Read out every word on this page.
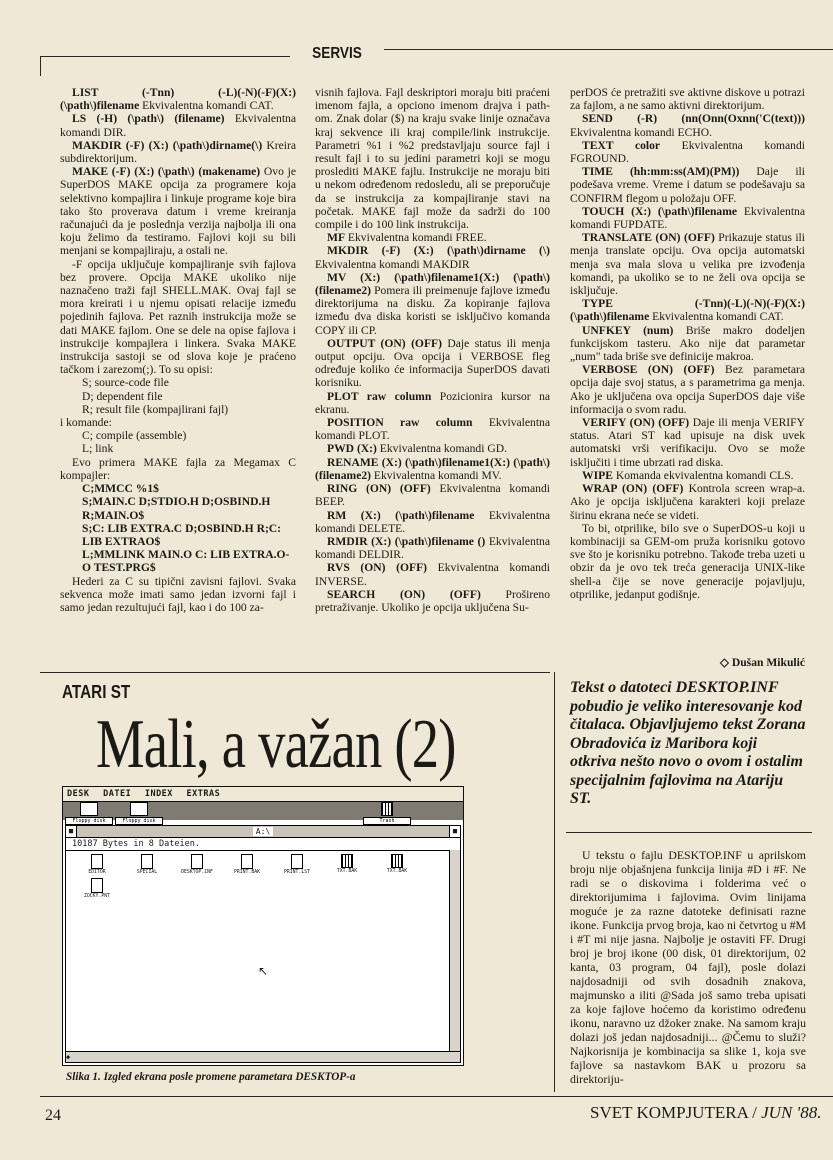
SERVIS

LIST (-Tnn) (-L)(-N)(-F)(X:) (\path\)filename Ekvivalentna komandi CAT.

LS (-H) (\path\) (filename) Ekvivalentna komandi DIR.

MAKDIR (-F) (X:) (\path\)dirname(\) Kreira subdirektorijum.

MAKE (-F) (X:) (\path\) (makename) Ovo je SuperDOS MAKE opcija za programere koja selektivno kompajlira i linkuje programe koje bira tako što proverava datum i vreme kreiranja računajući da je poslednja verzija najbolja ili ona koju želimo da testiramo. Fajlovi koji su bili menjani se kompajliraju, a ostali ne.

-F opcija uključuje kompajliranje svih fajlova bez provere. Opcija MAKE ukoliko nije naznačeno traži fajl SHELL.MAK. Ovaj fajl se mora kreirati i u njemu opisati relacije između pojedinih fajlova. Pet raznih instrukcija može se dati MAKE fajlom. One se dele na opise fajlova i instrukcije kompajlera i linkera. Svaka MAKE instrukcija sastoji se od slova koje je praćeno tačkom i zarezom(;). To su opisi:

S; source-code file

D; dependent file

R; result file (kompajlirani fajl)

i komande:

C; compile (assemble)

L; link

Evo primera MAKE fajla za Megamax C kompajler:

C;MMCC %1$

S;MAIN.C D;STDIO.H D;OSBIND.H R;MAIN.O$

S;C: LIB EXTRA.C D;OSBIND.H R;C: LIB EXTRAO$

L;MMLINK MAIN.O C: LIB EXTRA.O-O TEST.PRG$

Hederi za C su tipični zavisni fajlovi. Svaka sekvenca može imati samo jedan izvorni fajl i samo jedan rezultujući fajl, kao i do 100 za-

visnih fajlova. Fajl deskriptori moraju biti praćeni imenom fajla, a opciono imenom drajva i path-om. Znak dolar ($) na kraju svake linije označava kraj sekvence ili kraj compile/link instrukcije. Parametri %1 i %2 predstavljaju source fajl i result fajl i to su jedini parametri koji se mogu proslediti MAKE fajlu. Instrukcije ne moraju biti u nekom određenom redosledu, ali se preporučuje da se instrukcija za kompajliranje stavi na početak. MAKE fajl može da sadrži do 100 compile i do 100 link instrukcija.

MF Ekvivalentna komandi FREE.

MKDIR (-F) (X:) (\path\)dirname (\) Ekvivalentna komandi MAKDIR

MV (X:) (\path\)filename1(X:) (\path\) (filename2) Pomera ili preimenuje fajlove između direktorijuma na disku. Za kopiranje fajlova između dva diska koristi se isključivo komanda COPY ili CP.

OUTPUT (ON) (OFF) Daje status ili menja output opciju. Ova opcija i VERBOSE fleg određuje koliko će informacija SuperDOS davati korisniku.

PLOT raw column Pozicionira kursor na ekranu.

POSITION raw column Ekvivalentna komandi PLOT.

PWD (X:) Ekvivalentna komandi GD.

RENAME (X:) (\path\)filename1(X:) (\path\)(filename2) Ekvivalentna komandi MV.

RING (ON) (OFF) Ekvivalentna komandi BEEP.

RM (X:) (\path\)filename Ekvivalentna komandi DELETE.

RMDIR (X:) (\path\)filename () Ekvivalentna komandi DELDIR.

RVS (ON) (OFF) Ekvivalentna komandi INVERSE.

SEARCH (ON) (OFF) Prošireno pretraživanje. Ukoliko je opcija uključena Su-

perDOS će pretražiti sve aktivne diskove u potrazi za fajlom, a ne samo aktivni direktorijum.

SEND (-R) (nn(Onn(Oxnn('C(text))) Ekvivalentna komandi ECHO.

TEXT color Ekvivalentna komandi FGROUND.

TIME (hh:mm:ss(AM)(PM)) Daje ili podešava vreme. Vreme i datum se podešavaju sa CONFIRM flegom u položaju OFF.

TOUCH (X:) (\path\)filename Ekvivalentna komandi FUPDATE.

TRANSLATE (ON) (OFF) Prikazuje status ili menja translate opciju. Ova opcija automatski menja sva mala slova u velika pre izvođenja komandi, pa ukoliko se to ne želi ova opcija se isključuje.

TYPE (-Tnn)(-L)(-N)(-F)(X:)(\path\)filename Ekvivalentna komandi CAT.

UNFKEY (num) Briše makro dodeljen funkcijskom tasteru. Ako nije dat parametar „num" tada briše sve definicije makroa.

VERBOSE (ON) (OFF) Bez parametara opcija daje svoj status, a s parametrima ga menja. Ako je uključena ova opcija SuperDOS daje više informacija o svom radu.

VERIFY (ON) (OFF) Daje ili menja VERIFY status. Atari ST kad upisuje na disk uvek automatski vrši verifikaciju. Ovo se može isključiti i time ubrzati rad diska.

WIPE Komanda ekvivalentna komandi CLS.

WRAP (ON) (OFF) Kontrola screen wrap-a. Ako je opcija isključena karakteri koji prelaze širinu ekrana neće se videti.

To bi, otprilike, bilo sve o SuperDOS-u koji u kombinaciji sa GEM-om pruža korisniku gotovo sve što je korisniku potrebno. Takođe treba uzeti u obzir da je ovo tek treća generacija UNIX-like shell-a čije se nove generacije pojavljuju, otprilike, jedanput godišnje.

◇ Dušan Mikulić
ATARI ST
Mali, a važan (2)
Tekst o datoteci DESKTOP.INF pobudio je veliko interesovanje kod čitalaca. Objavljujemo tekst Zorana Obradovića iz Maribora koji otkriva nešto novo o ovom i ostalim specijalnim fajlovima na Atariju ST.
U tekstu o fajlu DESKTOP.INF u aprilskom broju nije objašnjena funkcija linija #D i #F. Ne radi se o diskovima i folderima već o direktorijumima i fajlovima. Ovim linijama moguće je za razne datoteke definisati razne ikone. Funkcija prvog broja, kao ni četvrtog u #M i #T mi nije jasna. Najbolje je ostaviti FF. Drugi broj je broj ikone (00 disk, 01 direktorijum, 02 kanta, 03 program, 04 fajl), posle dolazi najdosadniji od svih dosadnih znakova, majmunsko a iliti @Sada još samo treba upisati za koje fajlove hoćemo da koristimo određenu ikonu, naravno uz džoker znake. Na samom kraju dolazi još jedan najdosadniji... @Čemu to služi? Najkorisnija je kombinacija sa slike 1, koja sve fajlove sa nastavkom BAK u prozoru sa direktoriju-
DESK DATEI INDEX EXTRAS
Floppy disk	Floppy disk	Trash
■	A:\	■
10187 Bytes in 8 Dateien.
EDITOR	SPECIAL	DESKTOP.INF	PRINT.BAK	PRINT.LST	TXT.BAK	TXT.BAK
ZOCKY.PNT
◆
↖
Slika 1. Izgled ekrana posle promene parametara DESKTOP-a
24	SVET KOMPJUTERA / JUN '88.
